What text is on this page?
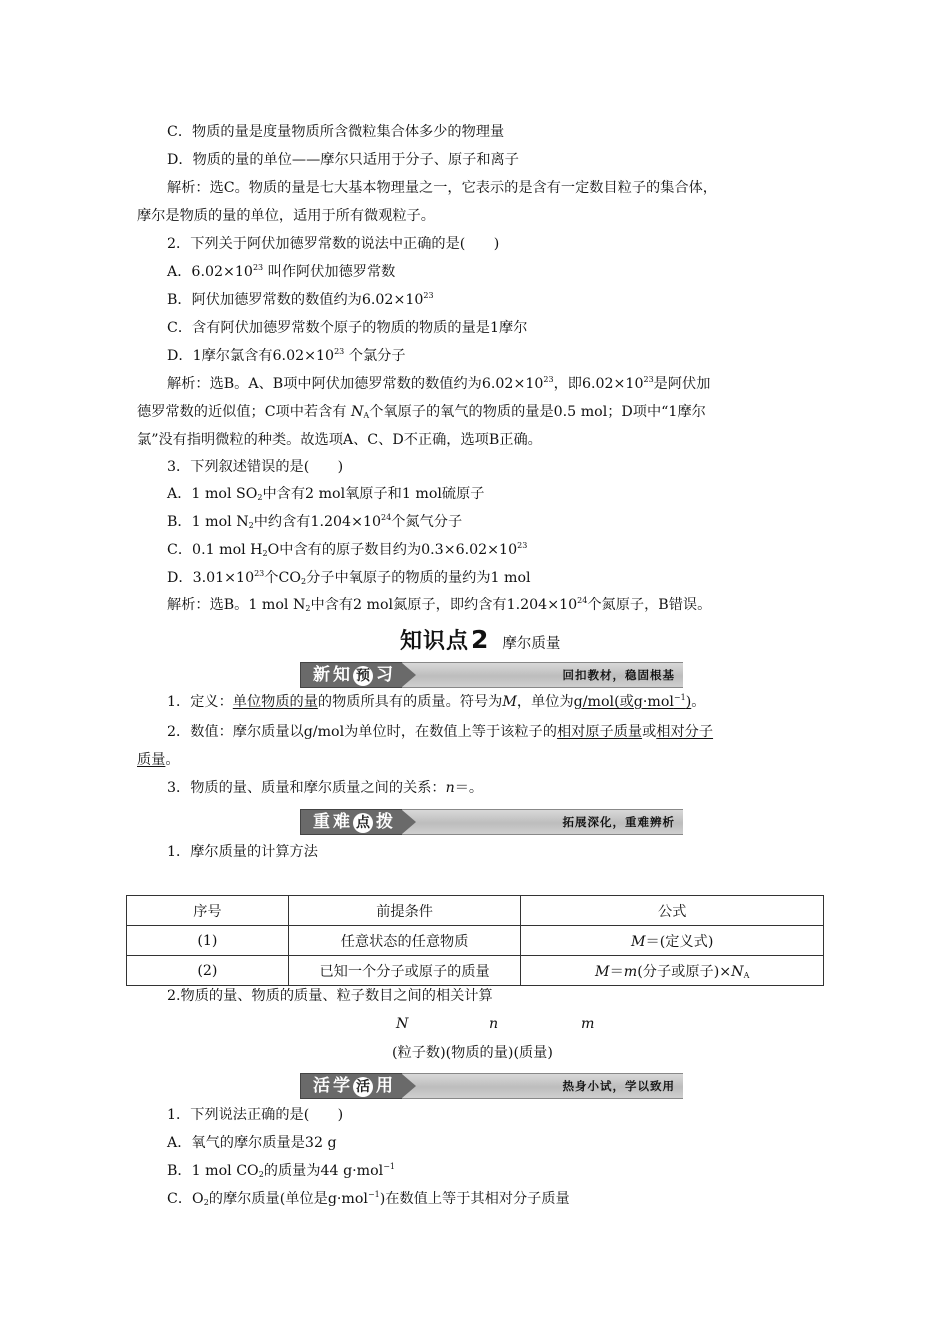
C．物质的量是度量物质所含微粒集合体多少的物理量
D．物质的量的单位——摩尔只适用于分子、原子和离子
解析：选C。物质的量是七大基本物理量之一，它表示的是含有一定数目粒子的集合体，
摩尔是物质的量的单位，适用于所有微观粒子。
2．下列关于阿伏加德罗常数的说法中正确的是(　　)
A．$6.02\times 10^{23}$ 叫作阿伏加德罗常数
B．阿伏加德罗常数的数值约为$6.02\times 10^{23}$
C．含有阿伏加德罗常数个原子的物质的物质的量是1摩尔
D．1摩尔氯含有$6.02\times 10^{23}$ 个氯分子
解析：选B。A、B项中阿伏加德罗常数的数值约为$6.02\times 10^{23}$，即$6.02\times 10^{23}$是阿伏加
德罗常数的近似值；C项中若含有 $N_A$个氧原子的氧气的物质的量是0.5 mol；D项中“1摩尔
氯”没有指明微粒的种类。故选项A、C、D不正确，选项B正确。
3．下列叙述错误的是(　　)
A．1 mol $SO_2$中含有2 mol氧原子和1 mol硫原子
B．1 mol $N_2$中约含有$1.204\times 10^{24}$个氮气分子
C．0.1 mol $H_2O$中含有的原子数目约为$0.3\times 6.02\times 10^{23}$
D．$3.01\times 10^{23}$个$CO_2$分子中氧原子的物质的量约为1 mol
解析：选B。1 mol $N_2$中含有2 mol氮原子，即约含有$1.204\times 10^{24}$个氮原子，B错误。
知识点2 摩尔质量
新知 预 习	回扣教材，稳固根基
1．定义：单位物质的量的物质所具有的质量。符号为M，单位为g/mol(或g·mol$^{-1}$)。
2．数值：摩尔质量以g/mol为单位时，在数值上等于该粒子的相对原子质量或相对分子
质量。
3．物质的量、质量和摩尔质量之间的关系：n＝。
重难 点 拨	拓展深化，重难辨析
1．摩尔质量的计算方法
序号	前提条件	公式
(1)	任意状态的任意物质	M＝(定义式)
(2)	已知一个分子或原子的质量	M＝m(分子或原子)$\times N_A$
2.物质的量、物质的质量、粒子数目之间的相关计算
N	n	m
(粒子数)(物质的量)(质量)
活学 活 用	热身小试，学以致用
1．下列说法正确的是(　　)
A．氧气的摩尔质量是32 g
B．1 mol $CO_2$的质量为44 g·mol$^{-1}$
C．$O_2$的摩尔质量(单位是g·mol$^{-1}$)在数值上等于其相对分子质量
